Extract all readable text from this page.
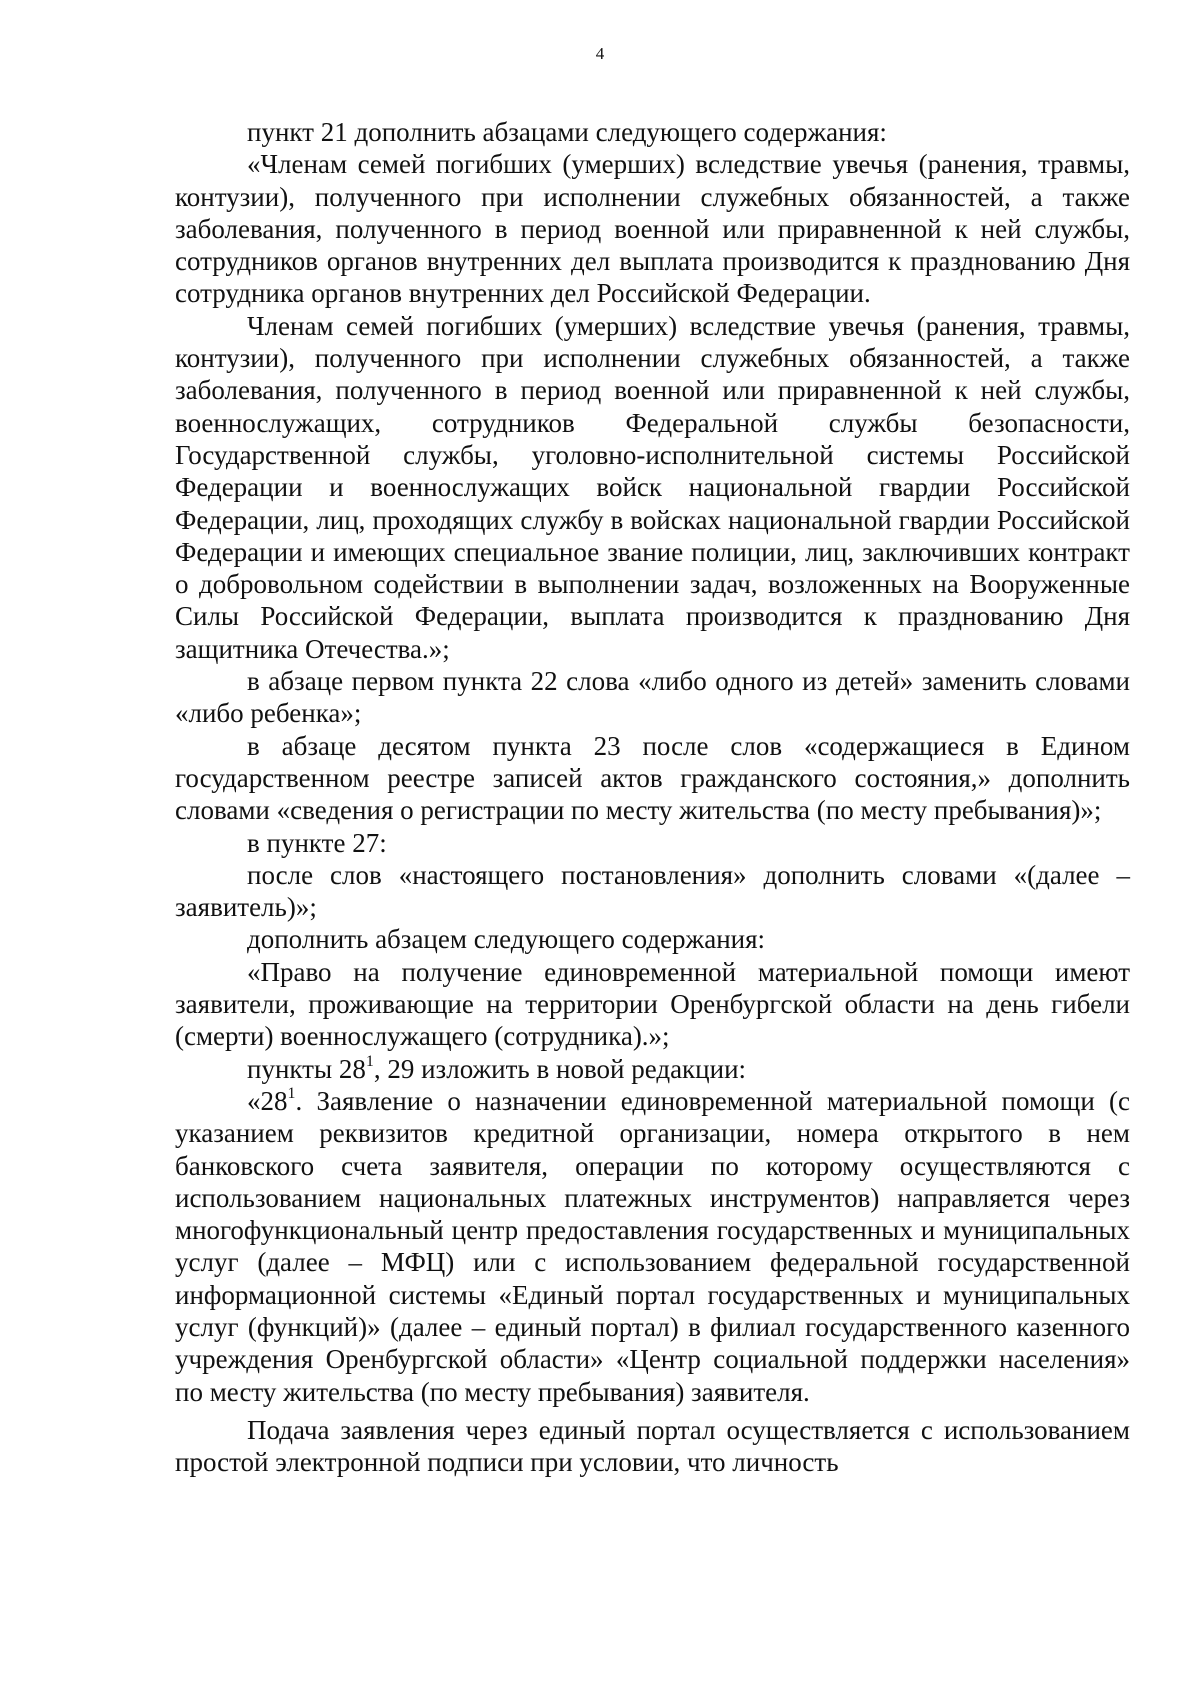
4

пункт 21 дополнить абзацами следующего содержания:

«Членам семей погибших (умерших) вследствие увечья (ранения, травмы, контузии), полученного при исполнении служебных обязанностей, а также заболевания, полученного в период военной или приравненной к ней службы, сотрудников органов внутренних дел выплата производится к празднованию Дня сотрудника органов внутренних дел Российской Федерации.

Членам семей погибших (умерших) вследствие увечья (ранения, травмы, контузии), полученного при исполнении служебных обязанностей, а также заболевания, полученного в период военной или приравненной к ней службы, военнослужащих, сотрудников Федеральной службы безопасности, Государственной службы, уголовно-исполнительной системы Российской Федерации и военнослужащих войск национальной гвардии Российской Федерации, лиц, проходящих службу в войсках национальной гвардии Российской Федерации и имеющих специальное звание полиции, лиц, заключивших контракт о добровольном содействии в выполнении задач, возложенных на Вооруженные Силы Российской Федерации, выплата производится к празднованию Дня защитника Отечества.»;

в абзаце первом пункта 22 слова «либо одного из детей» заменить словами «либо ребенка»;

в абзаце десятом пункта 23 после слов «содержащиеся в Едином государственном реестре записей актов гражданского состояния,» дополнить словами «сведения о регистрации по месту жительства (по месту пребывания)»;

в пункте 27:

после слов «настоящего постановления» дополнить словами «(далее – заявитель)»;

дополнить абзацем следующего содержания:

«Право на получение единовременной материальной помощи имеют заявители, проживающие на территории Оренбургской области на день гибели (смерти) военнослужащего (сотрудника).»;

пункты $28^1$, 29 изложить в новой редакции:

«$28^1$. Заявление о назначении единовременной материальной помощи (с указанием реквизитов кредитной организации, номера открытого в нем банковского счета заявителя, операции по которому осуществляются с использованием национальных платежных инструментов) направляется через многофункциональный центр предоставления государственных и муниципальных услуг (далее – МФЦ) или с использованием федеральной государственной информационной системы «Единый портал государственных и муниципальных услуг (функций)» (далее – единый портал) в филиал государственного казенного учреждения Оренбургской области» «Центр социальной поддержки населения» по месту жительства (по месту пребывания) заявителя.

Подача заявления через единый портал осуществляется с использованием простой электронной подписи при условии, что личность
